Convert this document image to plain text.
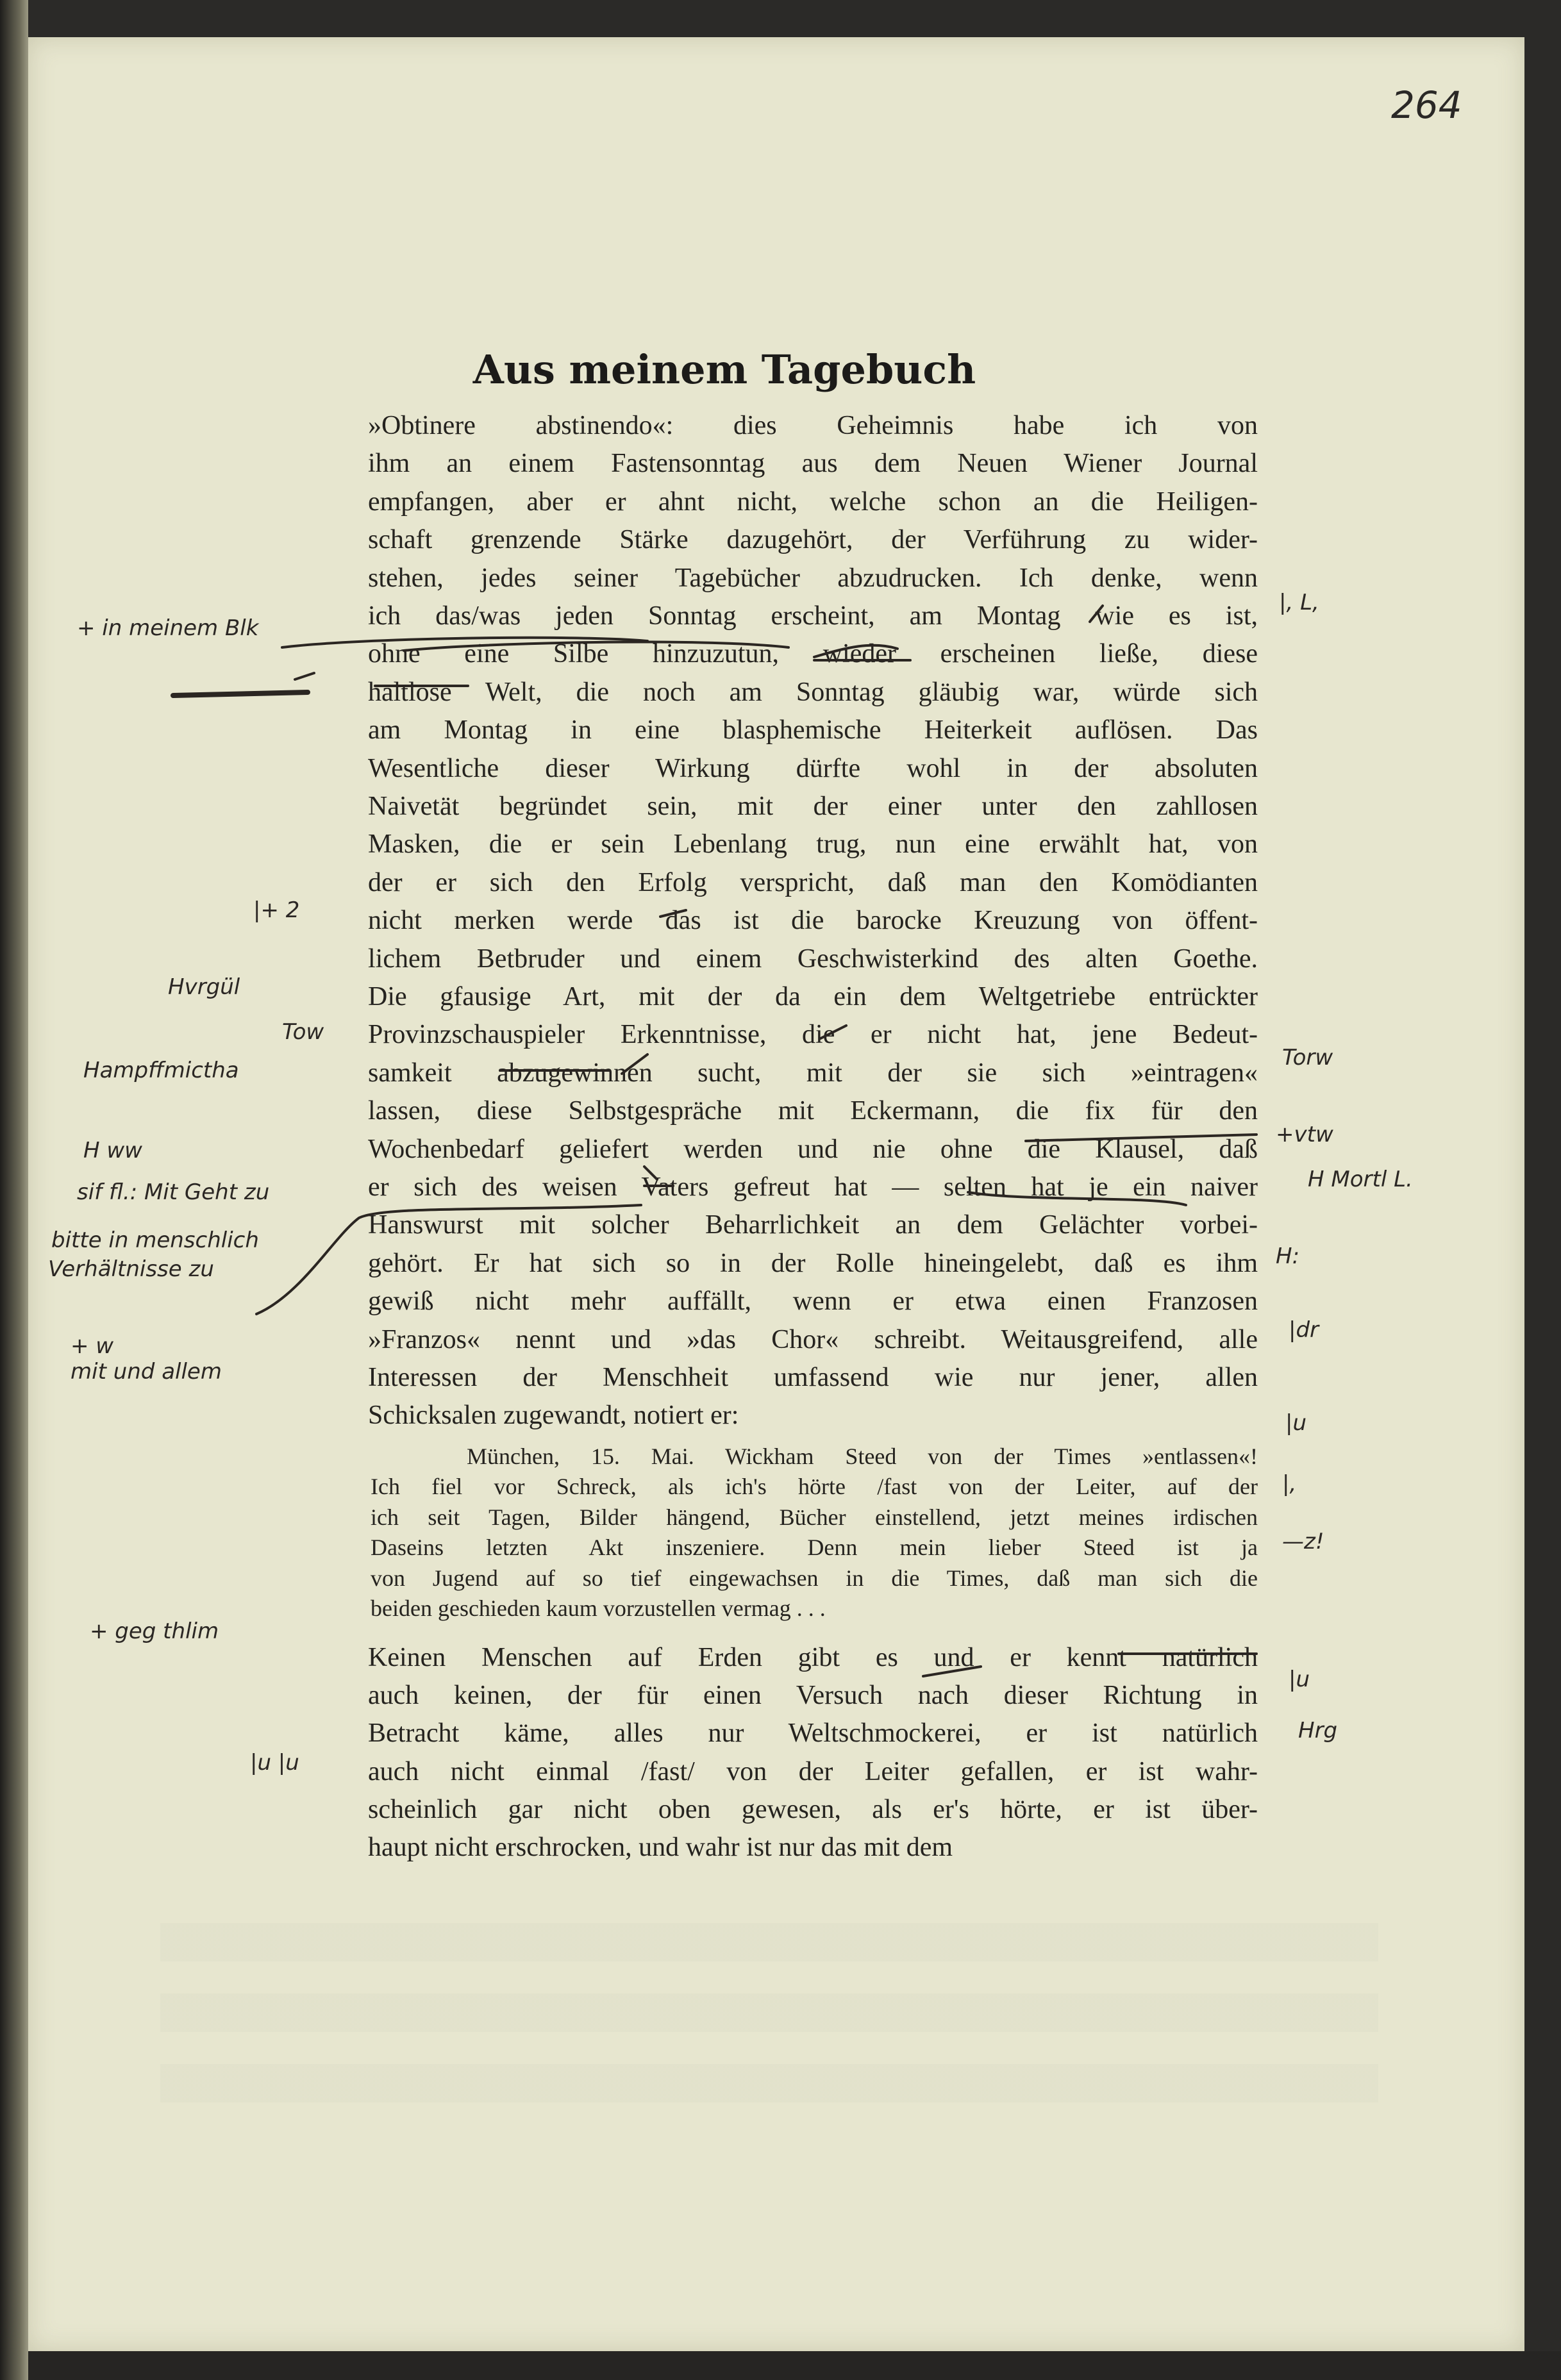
264
Aus meinem Tagebuch
»Obtinere abstinendo«: dies Geheimnis habe ich von
ihm an einem Fastensonntag aus dem Neuen Wiener Journal
empfangen, aber er ahnt nicht, welche schon an die Heiligen-
schaft grenzende Stärke dazugehört, der Verführung zu wider-
stehen, jedes seiner Tagebücher abzudrucken. Ich denke, wenn
ich das/was jeden Sonntag erscheint, am Montag wie es ist,
ohne eine Silbe hinzuzutun, wieder erscheinen ließe, diese
haltlose Welt, die noch am Sonntag gläubig war, würde sich
am Montag in eine blasphemische Heiterkeit auflösen. Das
Wesentliche dieser Wirkung dürfte wohl in der absoluten
Naivetät begründet sein, mit der einer unter den zahllosen
Masken, die er sein Lebenlang trug, nun eine erwählt hat, von
der er sich den Erfolg verspricht, daß man den Komödianten
nicht merken werde das ist die barocke Kreuzung von öffent-
lichem Betbruder und einem Geschwisterkind des alten Goethe.
Die gfausige Art, mit der da ein dem Weltgetriebe entrückter
Provinzschauspieler Erkenntnisse, die er nicht hat, jene Bedeut-
samkeit abzugewinnen sucht, mit der sie sich »eintragen«
lassen, diese Selbstgespräche mit Eckermann, die fix für den
Wochenbedarf geliefert werden und nie ohne die Klausel, daß
er sich des weisen Vaters gefreut hat — selten hat je ein naiver
Hanswurst mit solcher Beharrlichkeit an dem Gelächter vorbei-
gehört. Er hat sich so in der Rolle hineingelebt, daß es ihm
gewiß nicht mehr auffällt, wenn er etwa einen Franzosen
»Franzos« nennt und »das Chor« schreibt. Weitausgreifend, alle
Interessen der Menschheit umfassend wie nur jener, allen
Schicksalen zugewandt, notiert er:
München, 15. Mai. Wickham Steed von der Times »entlassen«!
Ich fiel vor Schreck, als ich's hörte /fast von der Leiter, auf der
ich seit Tagen, Bilder hängend, Bücher einstellend, jetzt meines irdischen
Daseins letzten Akt inszeniere. Denn mein lieber Steed ist ja
von Jugend auf so tief eingewachsen in die Times, daß man sich die
beiden geschieden kaum vorzustellen vermag . . .
Keinen Menschen auf Erden gibt es und er kennt natürlich
auch keinen, der für einen Versuch nach dieser Richtung in
Betracht käme, alles nur Weltschmockerei, er ist natürlich
auch nicht einmal /fast/ von der Leiter gefallen, er ist wahr-
scheinlich gar nicht oben gewesen, als er's hörte, er ist über-
haupt nicht erschrocken, und wahr ist nur das mit dem
+ in meinem Blk
|+ 2
Hvrgül
Tow
Hampffmictha
H ww
sif fl.: Mit Geht zu
bitte in menschlich
Verhältnisse zu
+ w
mit und allem
+ geg thlim
|u |u
|, L,
Torw
+vtw
H Mortl L.
H:
|dr
|u
|,
—z!
|u
Hrg
